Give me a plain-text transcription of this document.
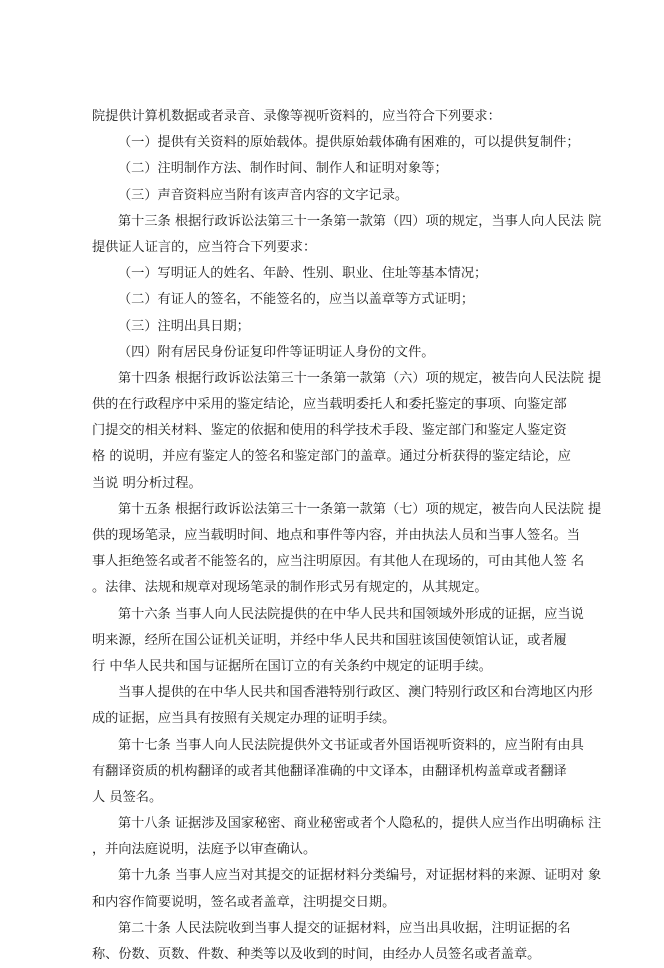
院提供计算机数据或者录音、录像等视听资料的，应当符合下列要求：
（一）提供有关资料的原始载体。提供原始载体确有困难的，可以提供复制件；
（二）注明制作方法、制作时间、制作人和证明对象等；
（三）声音资料应当附有该声音内容的文字记录。
第十三条 根据行政诉讼法第三十一条第一款第（四）项的规定，当事人向人民法 院
提供证人证言的，应当符合下列要求：
（一）写明证人的姓名、年龄、性别、职业、住址等基本情况；
（二）有证人的签名，不能签名的，应当以盖章等方式证明；
（三）注明出具日期；
（四）附有居民身份证复印件等证明证人身份的文件。
第十四条 根据行政诉讼法第三十一条第一款第（六）项的规定，被告向人民法院 提
供的在行政程序中采用的鉴定结论，应当载明委托人和委托鉴定的事项、向鉴定部
门提交的相关材料、鉴定的依据和使用的科学技术手段、鉴定部门和鉴定人鉴定资
格 的说明，并应有鉴定人的签名和鉴定部门的盖章。通过分析获得的鉴定结论，应
当说 明分析过程。
第十五条 根据行政诉讼法第三十一条第一款第（七）项的规定，被告向人民法院 提
供的现场笔录，应当载明时间、地点和事件等内容，并由执法人员和当事人签名。当
事人拒绝签名或者不能签名的，应当注明原因。有其他人在现场的，可由其他人签 名
。法律、法规和规章对现场笔录的制作形式另有规定的，从其规定。
第十六条 当事人向人民法院提供的在中华人民共和国领域外形成的证据，应当说
明来源，经所在国公证机关证明，并经中华人民共和国驻该国使领馆认证，或者履
行 中华人民共和国与证据所在国订立的有关条约中规定的证明手续。
当事人提供的在中华人民共和国香港特别行政区、澳门特别行政区和台湾地区内形
成的证据，应当具有按照有关规定办理的证明手续。
第十七条 当事人向人民法院提供外文书证或者外国语视听资料的，应当附有由具
有翻译资质的机构翻译的或者其他翻译准确的中文译本，由翻译机构盖章或者翻译
人 员签名。
第十八条 证据涉及国家秘密、商业秘密或者个人隐私的，提供人应当作出明确标 注
，并向法庭说明，法庭予以审查确认。
第十九条 当事人应当对其提交的证据材料分类编号，对证据材料的来源、证明对 象
和内容作简要说明，签名或者盖章，注明提交日期。
第二十条 人民法院收到当事人提交的证据材料，应当出具收据，注明证据的名
称、份数、页数、件数、种类等以及收到的时间，由经办人员签名或者盖章。
